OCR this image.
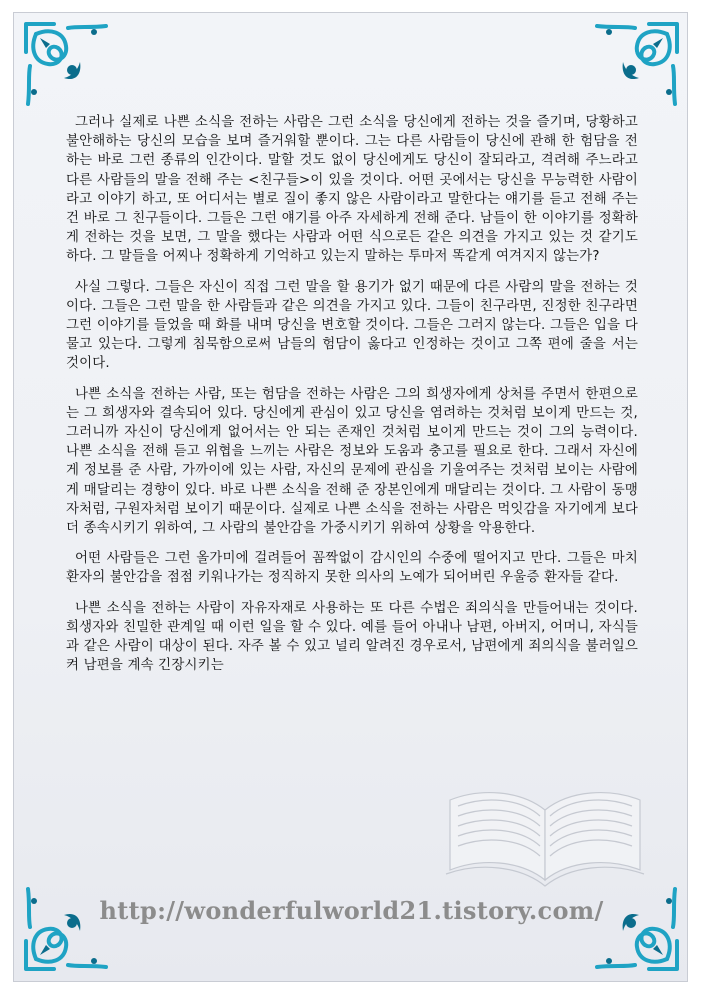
그러나 실제로 나쁜 소식을 전하는 사람은 그런 소식을 당신에게 전하는 것을 즐기며, 당황하고 불안해하는 당신의 모습을 보며 즐거워할 뿐이다. 그는 다른 사람들이 당신에 관해 한 험담을 전하는 바로 그런 종류의 인간이다. 말할 것도 없이 당신에게도 당신이 잘되라고, 격려해 주느라고 다른 사람들의 말을 전해 주는 <친구들>이 있을 것이다. 어떤 곳에서는 당신을 무능력한 사람이라고 이야기 하고, 또 어디서는 별로 질이 좋지 않은 사람이라고 말한다는 얘기를 듣고 전해 주는 건 바로 그 친구들이다. 그들은 그런 얘기를 아주 자세하게 전해 준다. 남들이 한 이야기를 정확하게 전하는 것을 보면, 그 말을 했다는 사람과 어떤 식으로든 같은 의견을 가지고 있는 것 같기도 하다. 그 말들을 어찌나 정확하게 기억하고 있는지 말하는 투마저 똑같게 여겨지지 않는가?

사실 그렇다. 그들은 자신이 직접 그런 말을 할 용기가 없기 때문에 다른 사람의 말을 전하는 것이다. 그들은 그런 말을 한 사람들과 같은 의견을 가지고 있다. 그들이 친구라면, 진정한 친구라면 그런 이야기를 들었을 때 화를 내며 당신을 변호할 것이다. 그들은 그러지 않는다. 그들은 입을 다물고 있는다. 그렇게 침묵함으로써 남들의 험담이 옳다고 인정하는 것이고 그쪽 편에 줄을 서는 것이다.

나쁜 소식을 전하는 사람, 또는 험담을 전하는 사람은 그의 희생자에게 상처를 주면서 한편으로는 그 희생자와 결속되어 있다. 당신에게 관심이 있고 당신을 염려하는 것처럼 보이게 만드는 것, 그러니까 자신이 당신에게 없어서는 안 되는 존재인 것처럼 보이게 만드는 것이 그의 능력이다. 나쁜 소식을 전해 듣고 위협을 느끼는 사람은 정보와 도움과 충고를 필요로 한다. 그래서 자신에게 정보를 준 사람, 가까이에 있는 사람, 자신의 문제에 관심을 기울여주는 것처럼 보이는 사람에게 매달리는 경향이 있다. 바로 나쁜 소식을 전해 준 장본인에게 매달리는 것이다. 그 사람이 동맹자처럼, 구원자처럼 보이기 때문이다. 실제로 나쁜 소식을 전하는 사람은 먹잇감을 자기에게 보다 더 종속시키기 위하여, 그 사람의 불안감을 가중시키기 위하여 상황을 악용한다.

어떤 사람들은 그런 올가미에 걸려들어 꼼짝없이 감시인의 수중에 떨어지고 만다. 그들은 마치 환자의 불안감을 점점 키워나가는 정직하지 못한 의사의 노예가 되어버린 우울증 환자들 같다.

나쁜 소식을 전하는 사람이 자유자재로 사용하는 또 다른 수법은 죄의식을 만들어내는 것이다. 희생자와 친밀한 관계일 때 이런 일을 할 수 있다. 예를 들어 아내나 남편, 아버지, 어머니, 자식들과 같은 사람이 대상이 된다. 자주 볼 수 있고 널리 알려진 경우로서, 남편에게 죄의식을 불러일으켜 남편을 계속 긴장시키는

http://wonderfulworld21.tistory.com/
